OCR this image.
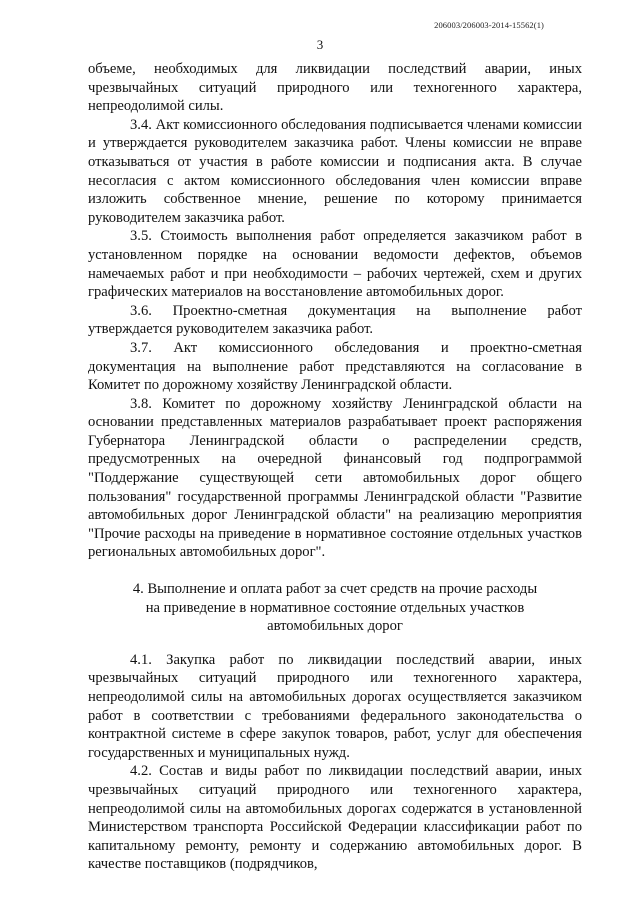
206003/206003-2014-15562(1)
3

объеме, необходимых для ликвидации последствий аварии, иных чрезвычайных ситуаций природного или техногенного характера, непреодолимой силы.

3.4. Акт комиссионного обследования подписывается членами комиссии и утверждается руководителем заказчика работ. Члены комиссии не вправе отказываться от участия в работе комиссии и подписания акта. В случае несогласия с актом комиссионного обследования член комиссии вправе изложить собственное мнение, решение по которому принимается руководителем заказчика работ.

3.5. Стоимость выполнения работ определяется заказчиком работ в установленном порядке на основании ведомости дефектов, объемов намечаемых работ и при необходимости – рабочих чертежей, схем и других графических материалов на восстановление автомобильных дорог.

3.6. Проектно-сметная документация на выполнение работ утверждается руководителем заказчика работ.

3.7. Акт комиссионного обследования и проектно-сметная документация на выполнение работ представляются на согласование в Комитет по дорожному хозяйству Ленинградской области.

3.8. Комитет по дорожному хозяйству Ленинградской области на основании представленных материалов разрабатывает проект распоряжения Губернатора Ленинградской области о распределении средств, предусмотренных на очередной финансовый год подпрограммой "Поддержание существующей сети автомобильных дорог общего пользования" государственной программы Ленинградской области "Развитие автомобильных дорог Ленинградской области" на реализацию мероприятия "Прочие расходы на приведение в нормативное состояние отдельных участков региональных автомобильных дорог".

4. Выполнение и оплата работ за счет средств на прочие расходы
на приведение в нормативное состояние отдельных участков
автомобильных дорог

4.1. Закупка работ по ликвидации последствий аварии, иных чрезвычайных ситуаций природного или техногенного характера, непреодолимой силы на автомобильных дорогах осуществляется заказчиком работ в соответствии с требованиями федерального законодательства о контрактной системе в сфере закупок товаров, работ, услуг для обеспечения государственных и муниципальных нужд.

4.2. Состав и виды работ по ликвидации последствий аварии, иных чрезвычайных ситуаций природного или техногенного характера, непреодолимой силы на автомобильных дорогах содержатся в установленной Министерством транспорта Российской Федерации классификации работ по капитальному ремонту, ремонту и содержанию автомобильных дорог. В качестве поставщиков (подрядчиков,
